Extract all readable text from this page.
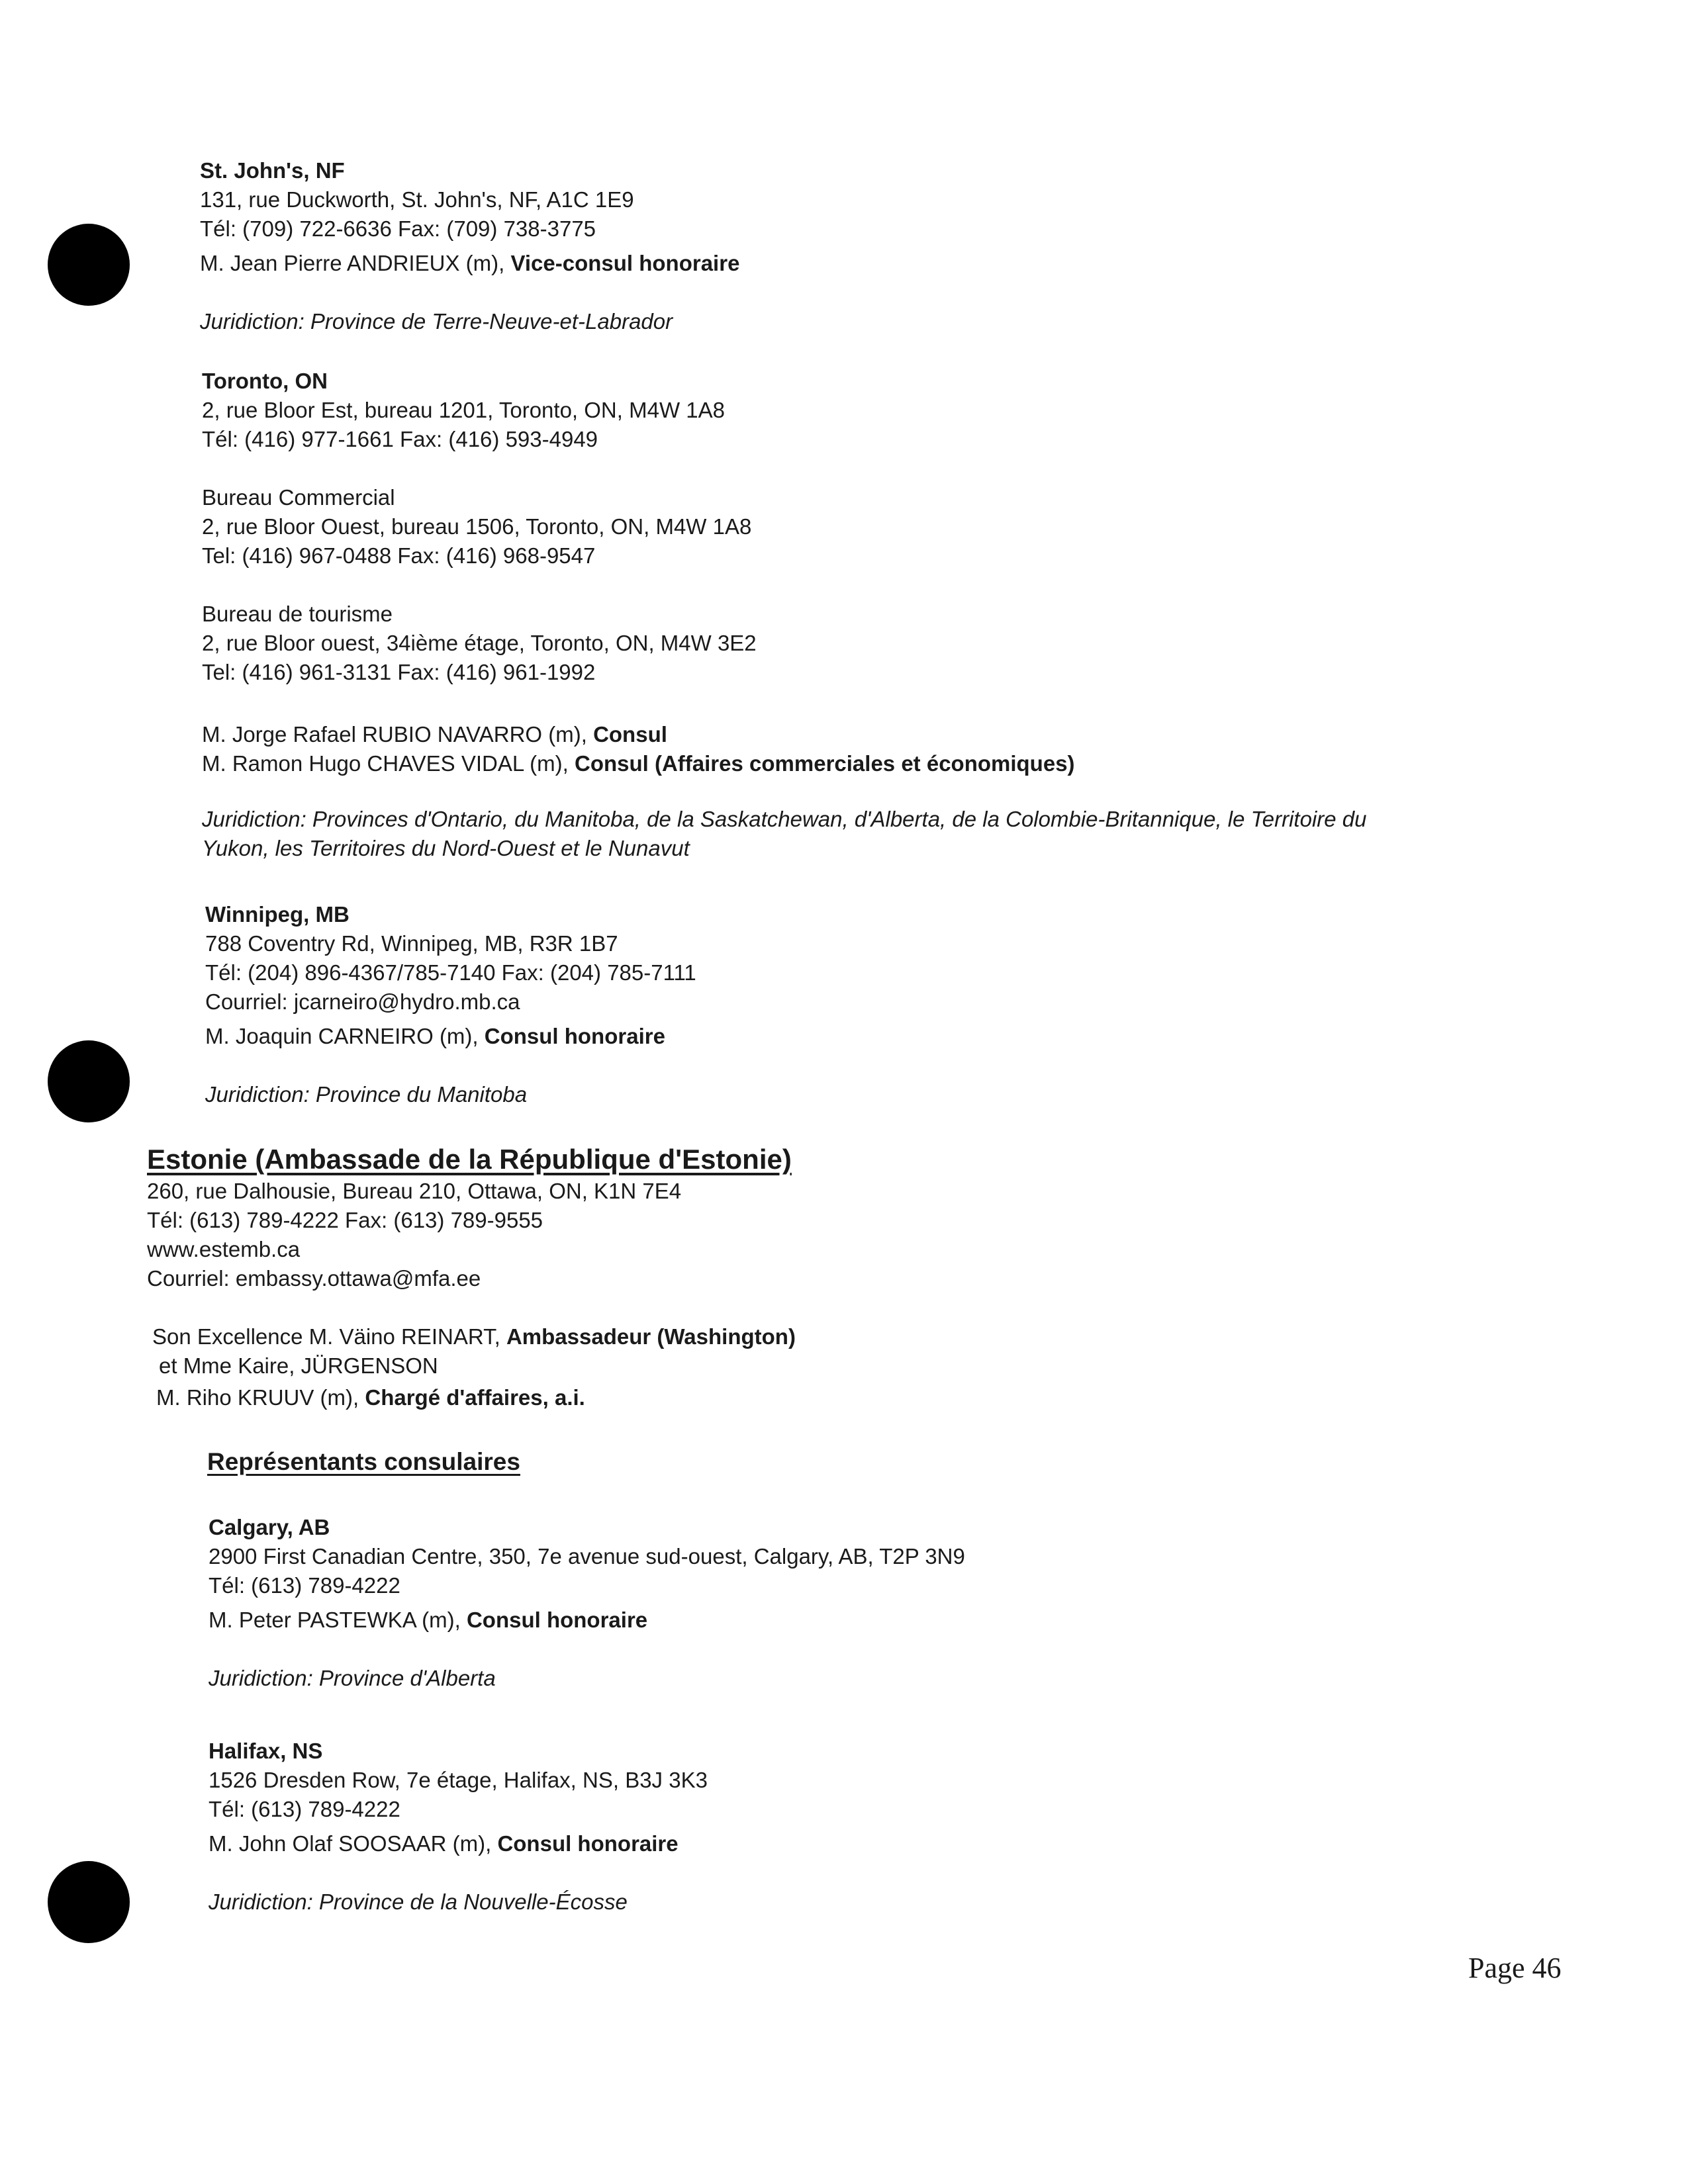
St. John's, NF
131, rue Duckworth, St. John's, NF, A1C 1E9
Tél: (709) 722-6636 Fax: (709) 738-3775
M. Jean Pierre ANDRIEUX (m), Vice-consul honoraire
Juridiction: Province de Terre-Neuve-et-Labrador
Toronto, ON
2, rue Bloor Est, bureau 1201, Toronto, ON, M4W 1A8
Tél: (416) 977-1661 Fax: (416) 593-4949
Bureau Commercial
2, rue Bloor Ouest, bureau 1506, Toronto, ON, M4W 1A8
Tel: (416) 967-0488 Fax: (416) 968-9547
Bureau de tourisme
2, rue Bloor ouest, 34ième étage, Toronto, ON, M4W 3E2
Tel: (416) 961-3131 Fax: (416) 961-1992
M. Jorge Rafael RUBIO NAVARRO (m), Consul
M. Ramon Hugo CHAVES VIDAL (m), Consul (Affaires commerciales et économiques)
Juridiction: Provinces d'Ontario, du Manitoba, de la Saskatchewan, d'Alberta, de la Colombie-Britannique, le Territoire du
Yukon, les Territoires du Nord-Ouest et le Nunavut
Winnipeg, MB
788 Coventry Rd, Winnipeg, MB, R3R 1B7
Tél: (204) 896-4367/785-7140 Fax: (204) 785-7111
Courriel: jcarneiro@hydro.mb.ca
M. Joaquin CARNEIRO (m), Consul honoraire
Juridiction: Province du Manitoba
Estonie (Ambassade de la République d'Estonie)
260, rue Dalhousie, Bureau 210, Ottawa, ON, K1N 7E4
Tél: (613) 789-4222 Fax: (613) 789-9555
www.estemb.ca
Courriel: embassy.ottawa@mfa.ee
Son Excellence M. Väino REINART, Ambassadeur (Washington)
et Mme Kaire, JÜRGENSON
M. Riho KRUUV (m), Chargé d'affaires, a.i.
Représentants consulaires
Calgary, AB
2900 First Canadian Centre, 350, 7e avenue sud-ouest, Calgary, AB, T2P 3N9
Tél: (613) 789-4222
M. Peter PASTEWKA (m), Consul honoraire
Juridiction: Province d'Alberta
Halifax, NS
1526 Dresden Row, 7e étage, Halifax, NS, B3J 3K3
Tél: (613) 789-4222
M. John Olaf SOOSAAR (m), Consul honoraire
Juridiction: Province de la Nouvelle-Écosse
Page 46
